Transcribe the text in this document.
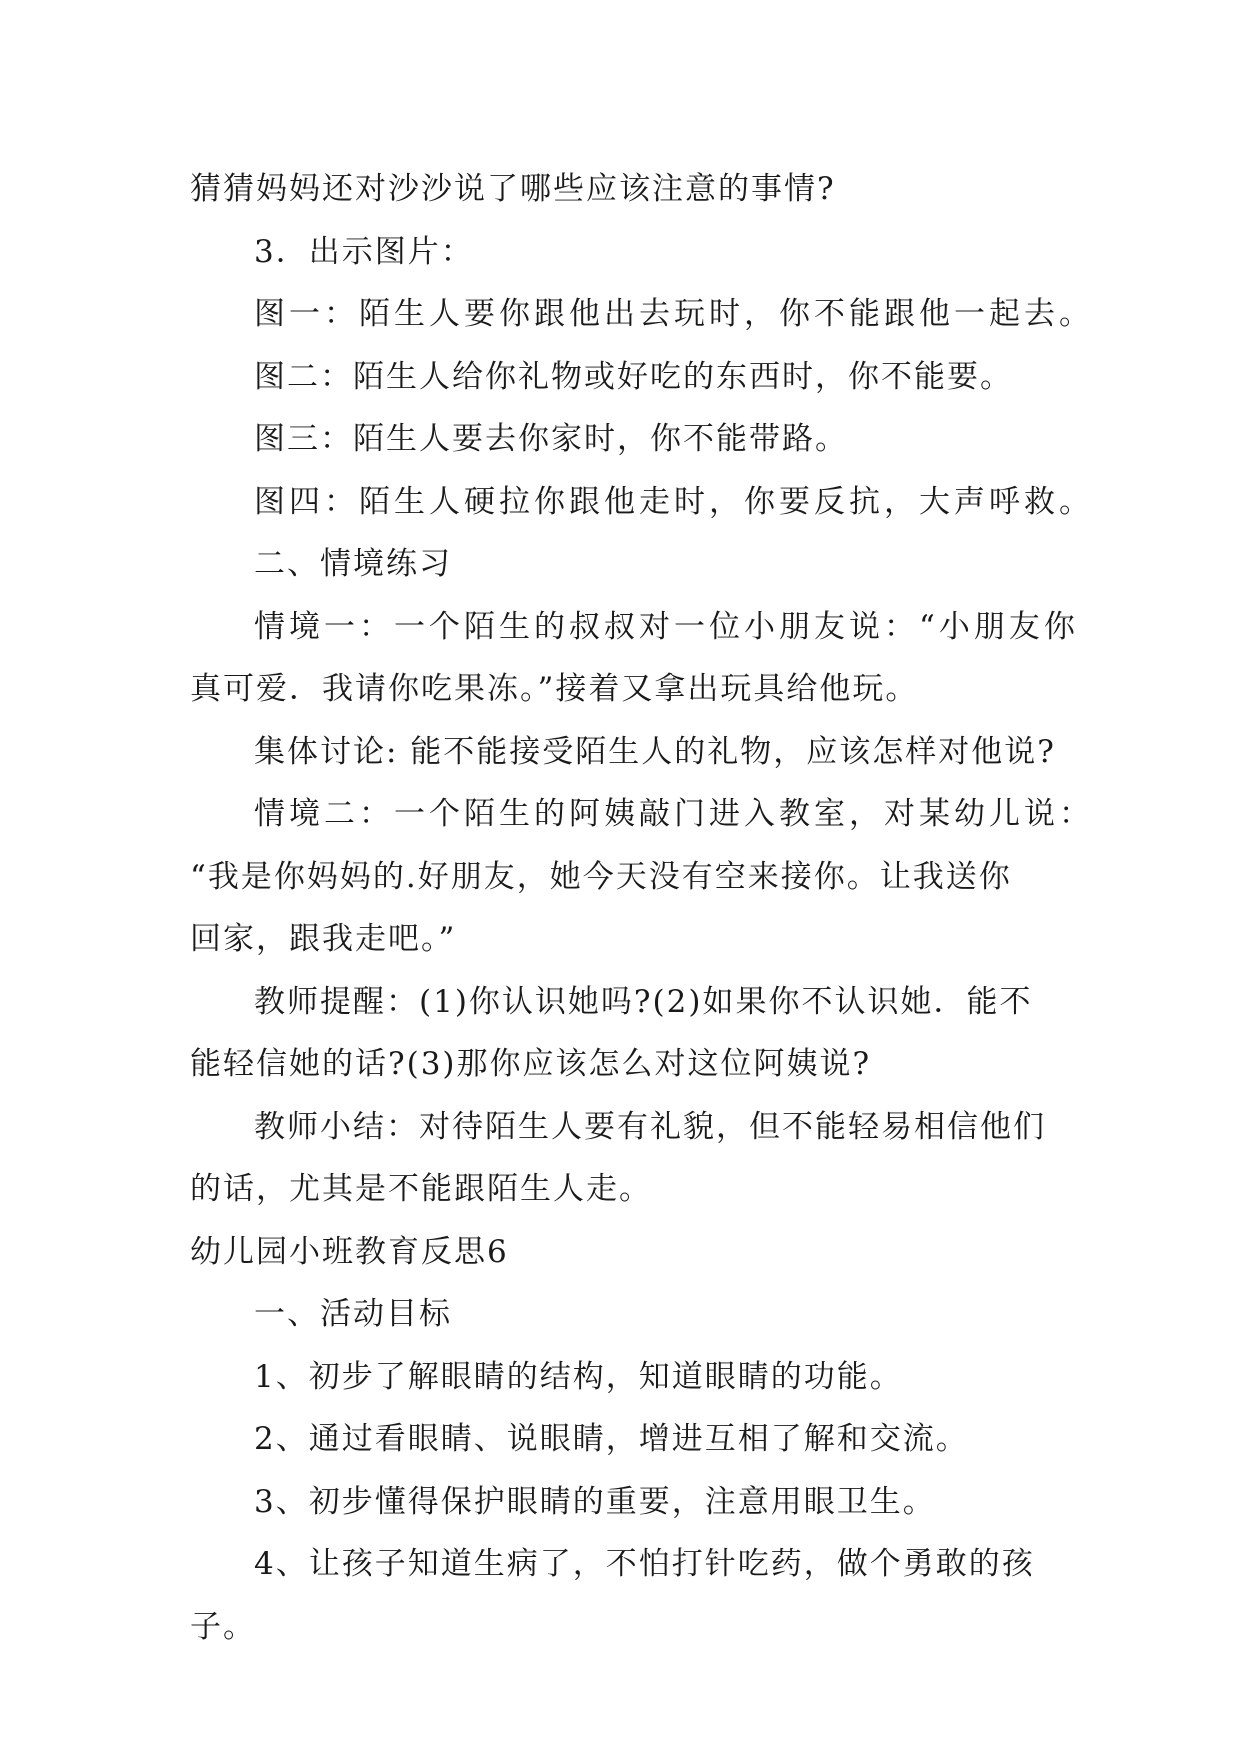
猜猜妈妈还对沙沙说了哪些应该注意的事情?
3．出示图片：
图一：陌生人要你跟他出去玩时，你不能跟他一起去。
图二：陌生人给你礼物或好吃的东西时，你不能要。
图三：陌生人要去你家时，你不能带路。
图四：陌生人硬拉你跟他走时，你要反抗，大声呼救。
二、情境练习
情境一：一个陌生的叔叔对一位小朋友说：“小朋友你
真可爱．我请你吃果冻。”接着又拿出玩具给他玩。
集体讨论: 能不能接受陌生人的礼物，应该怎样对他说?
情境二：一个陌生的阿姨敲门进入教室，对某幼儿说：
“我是你妈妈的.好朋友，她今天没有空来接你。让我送你
回家，跟我走吧。”
教师提醒：(1)你认识她吗?(2)如果你不认识她．能不
能轻信她的话?(3)那你应该怎么对这位阿姨说?
教师小结：对待陌生人要有礼貌，但不能轻易相信他们
的话，尤其是不能跟陌生人走。
幼儿园小班教育反思6
一、活动目标
1、初步了解眼睛的结构，知道眼睛的功能。
2、通过看眼睛、说眼睛，增进互相了解和交流。
3、初步懂得保护眼睛的重要，注意用眼卫生。
4、让孩子知道生病了，不怕打针吃药，做个勇敢的孩
子。
